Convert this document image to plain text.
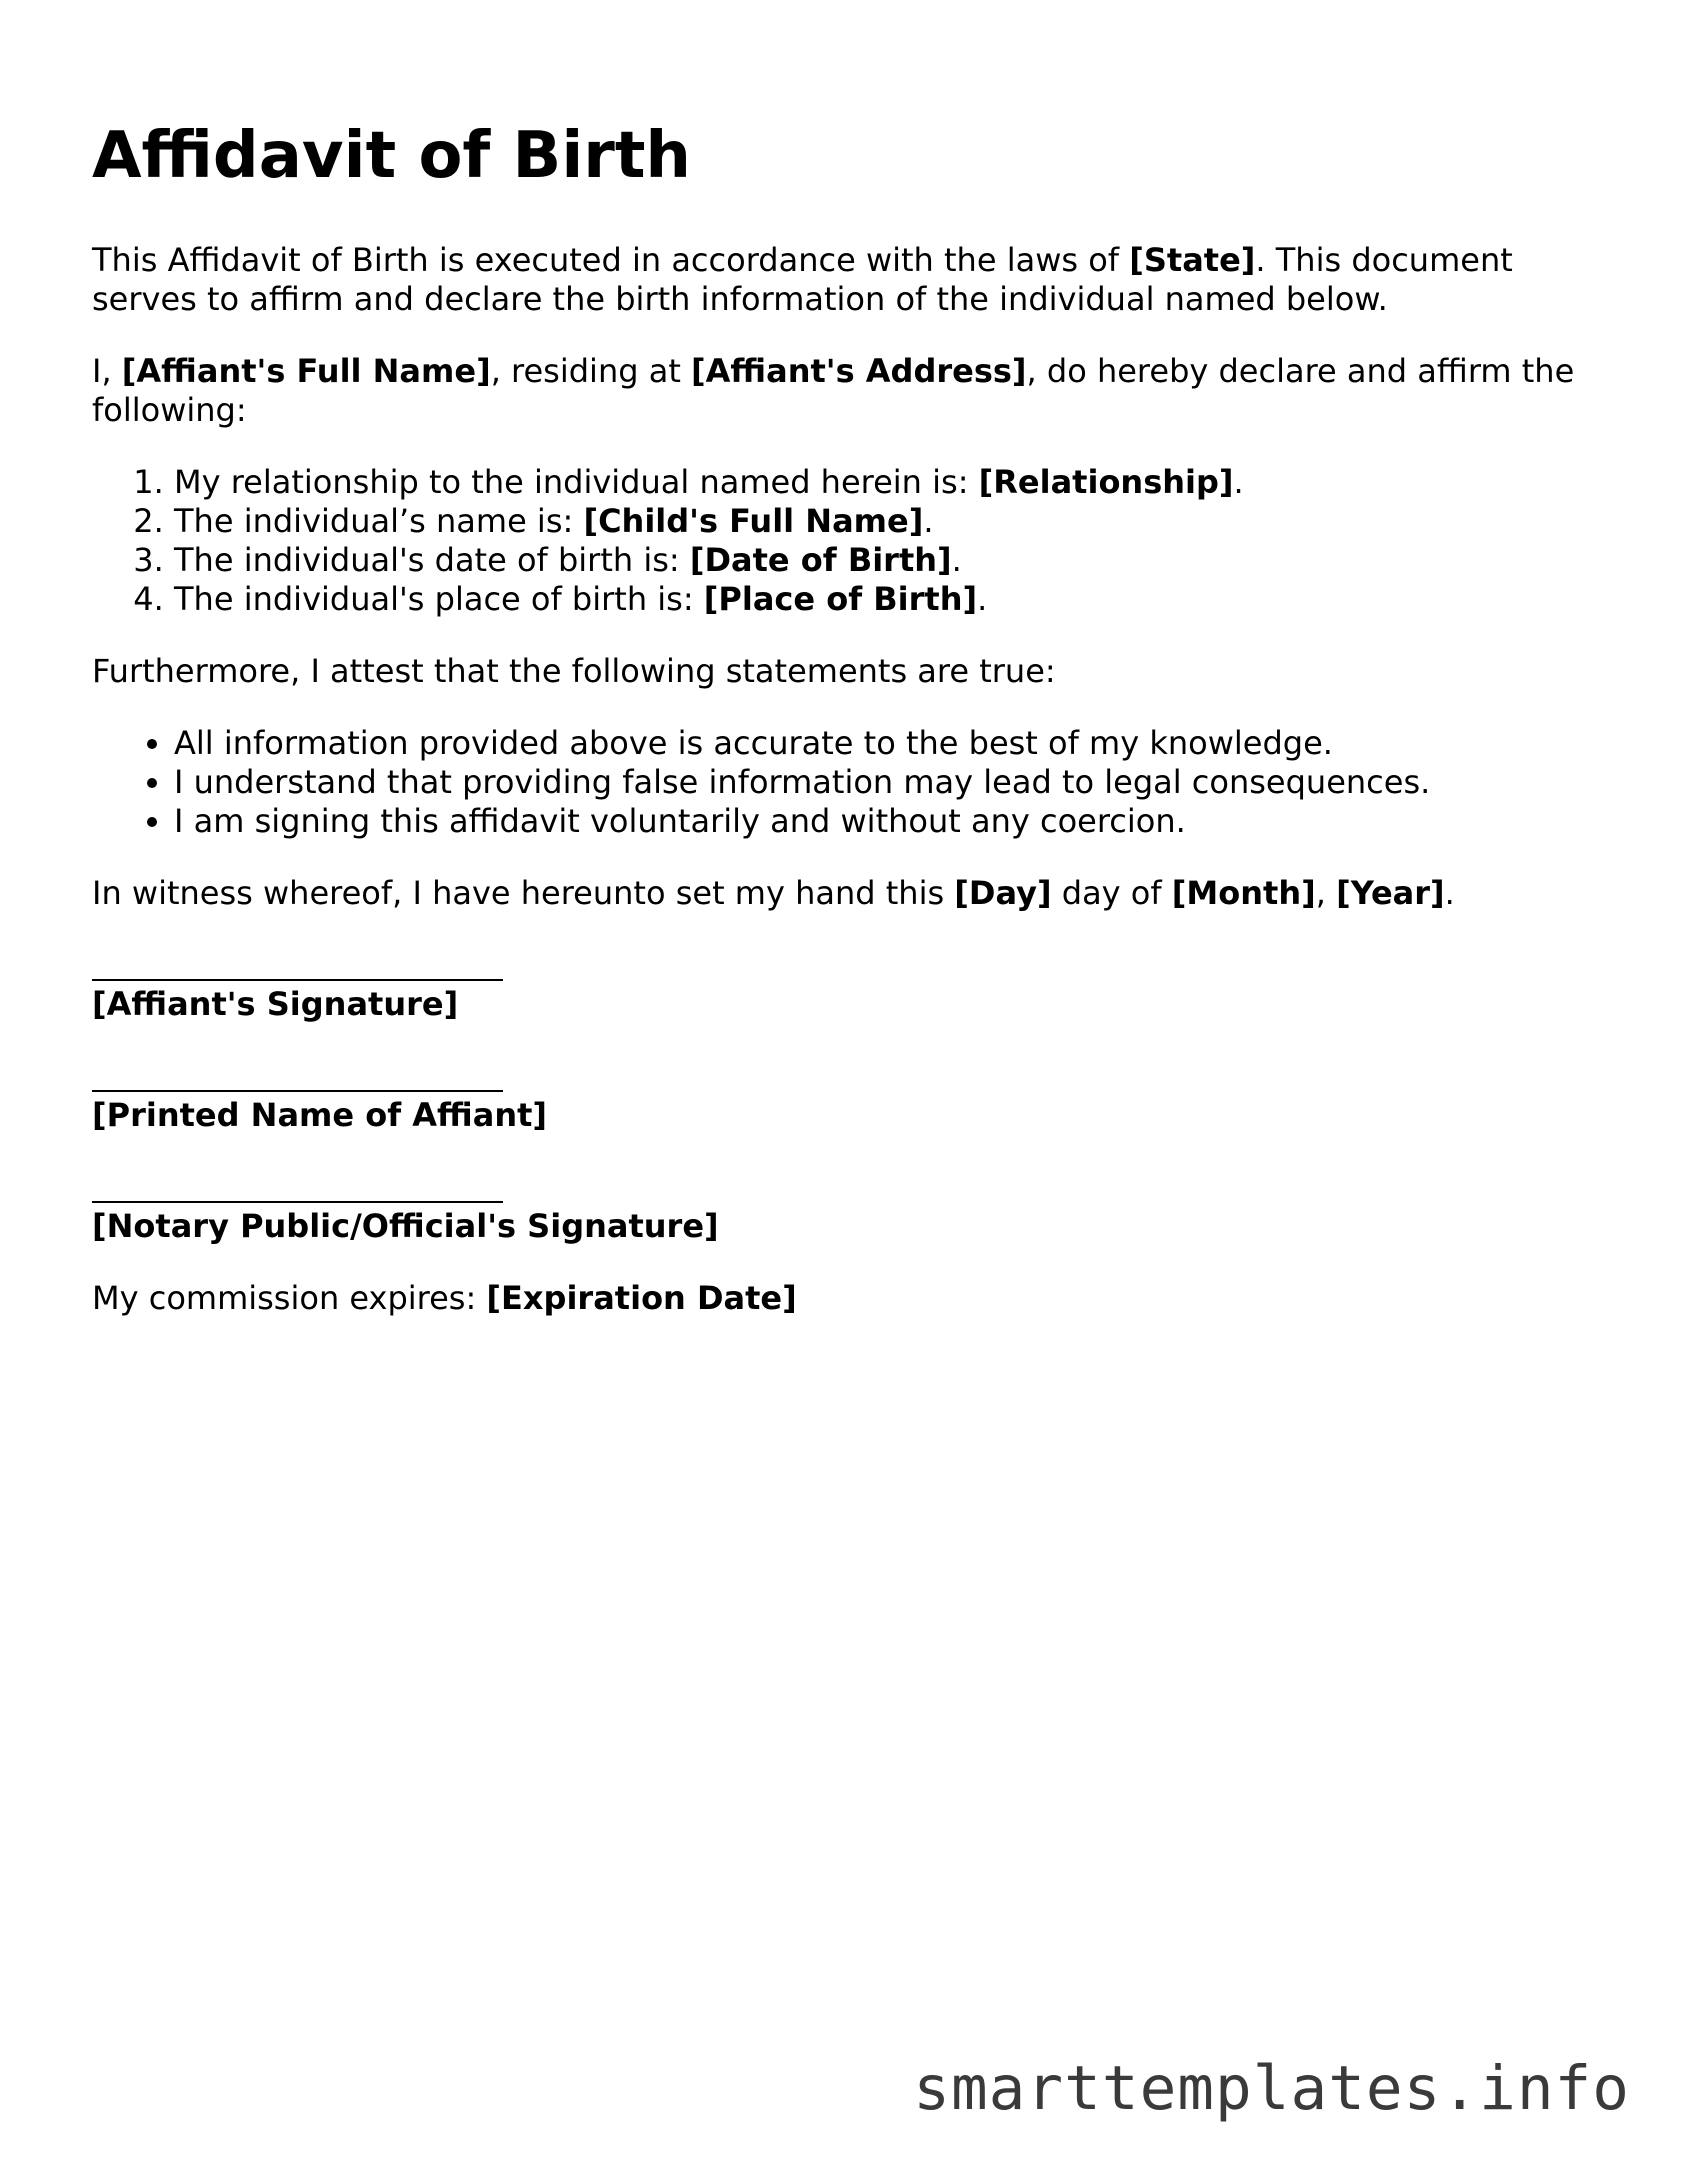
Affidavit of Birth

This Affidavit of Birth is executed in accordance with the laws of [State]. This document serves to affirm and declare the birth information of the individual named below.

I, [Affiant's Full Name], residing at [Affiant's Address], do hereby declare and affirm the following:

1. My relationship to the individual named herein is: [Relationship].
2. The individual’s name is: [Child's Full Name].
3. The individual's date of birth is: [Date of Birth].
4. The individual's place of birth is: [Place of Birth].

Furthermore, I attest that the following statements are true:

• All information provided above is accurate to the best of my knowledge.
• I understand that providing false information may lead to legal consequences.
• I am signing this affidavit voluntarily and without any coercion.

In witness whereof, I have hereunto set my hand this [Day] day of [Month], [Year].

[Affiant's Signature]
[Printed Name of Affiant]
[Notary Public/Official's Signature]

My commission expires: [Expiration Date]

smarttemplates.info
